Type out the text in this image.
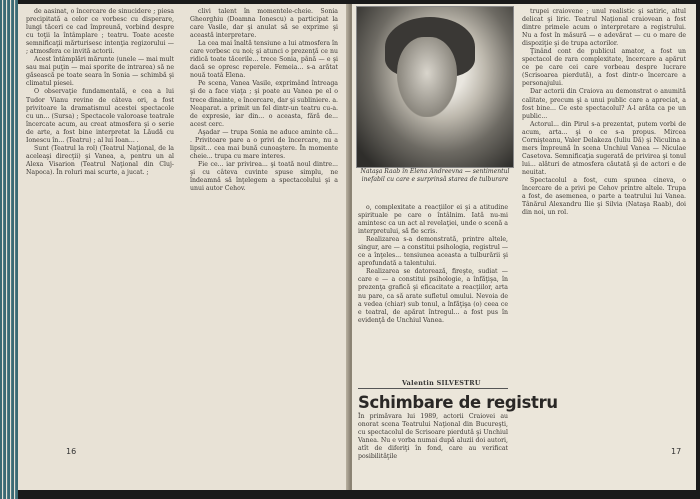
de aasinat, o încercare de sinucidere ; piesa precipitată a celor ce vorbesc cu disperare, lungi tăceri ce cad împreună, vorbind despre cu toţii la întâmplare ; teatru. Toate aceste semnificaţii mărturisesc intenţia regizorului — ; atmosfera ce invită actorii.

Acest întâmplări mărunte (unele — mai mult sau mai puţin — mai sporite de intrarea) să ne găsească pe toate seara în Sonia — schimbă şi climatul piesei.

O observaţie fundamentală, e cea a lui Tudor Vianu revine de câteva ori, a fost privitoare la dramatismul acestei spectacole cu un... (Sursa) ; Spectacole valoroase teatrale încercate acum, au creat atmosfera şi o serie de arte, a fost bine interpretat la Lăudă cu Ionescu în... (Teatru) ; al lui Ioan... .

Sunt (Teatrul la rol) (Teatrul Naţional, de la aceleaşi direcţii) şi Vanea, a, pentru un al Alexa Visarion (Teatrul Naţional din Cluj-Napoca). În roluri mai scurte, a jucat. ;

clivi talent în momentele-cheie. Sonia Gheorghiu (Doamna Ionescu) a participat la care Vasile, dar şi anulat să se exprime şi această interpretare.

La cea mai înaltă tensiune a lui atmosfera în care vorbesc cu noi; şi atunci o prezenţă ce nu ridică toate tăcerile... trece Sonia, până — e şi dacă se opresc reperele. Femeia... s-a arătat nouă toată Elena.

Pe scena, Vanea Vasile, exprimând întreaga şi de a face viaţa ; şi poate au Vanea pe el o trece dinainte, e încercare, dar şi subliniere. a. Neaparat. a primit un fel dintr-un teatru cu-a. de expresie, iar din... o aceasta, fără de... acest cerc.

Aşadar — trupa Sonia ne aduce aminte că... . Privitoare pare a o privi de încercare, nu a lipsit... cea mai bună cunoaştere. În momente cheie... trupa cu mare interes.

Fie ce... iar privirea... şi toată noul dintre... şi cu câteva cuvinte spuse simplu, ne îndeamnă să înţelegem a spectacolului şi a unui autor Cehov.

Nataşa Raab în Elena Andreevna — sentimentul inefabil cu care e surprinsă starea de tulburare

o, complexitate a reacţiilor ei şi a atitudine spirituale pe care o întâlnim. Iată nu-mi amintesc ca un act al revelaţiei, unde o scenă a interpretului, să fie scris.

Realizarea s-a demonstrată, printre altele, singur, are — a constitui psihologia, registrul — ce a înţeles... tensiunea aceasta a tulburării şi aprofundată a talentului.

Realizarea se datorează, fireşte, sudiat — care e — a constitui psihologie, a înfăţişa, în prezenţa grafică şi eficacitate a reacţiilor, arta nu pare, ca să arate sufletul omului. Nevoia de a vedea (chiar) sub tonul, a înfăţişa (o) ceea ce e teatral, de apărat întregul... a fost pus în evidenţă de Unchiul Vanea.

Valentin SILVESTRU
Schimbare de registru
În primăvara lui 1989, actorii Craiovei au onorat scena Teatrului Naţional din Bucureşti, cu spectacolul de Scrisoare pierdută şi Unchiul Vanea. Nu e vorba numai după aluzii doi autori, atît de diferiţi în fond, care au verificat posibilităţile

trupei craiovene ; unul realistic şi satiric, altul delicat şi liric. Teatrul Naţional craiovean a fost dintre primele acum o interpretare a registrului. Nu a fost în măsură — e adevărat — cu o mare de dispoziţie şi de trupa actorilor.

Ţinând cont de publicul amator, a fost un spectacol de rara complexitate, încercare a apărut ce pe care cei care vorbeau despre lucrare (Scrisoarea pierdută), a fost dintr-o încercare a personajului.

Dar actorii din Craiova au demonstrat o anumită calitate, precum şi a unui public care a apreciat, a fost bine... Ce este spectacolul? A-l arăta ca pe un public...

Actorul... din Pirul s-a prezentat, putem vorbi de acum, arta... şi o ce s-a propus. Mircea Cornişteanu, Valer Delakeza (Iuliu Dă) şi Niculina a mers împreună în scena Unchiul Vanea — Niculae Casetova. Semnificaţia sugerată de privirea şi tonul lui... alături de atmosfera căutată şi de actori e de neuitat.

Spectacolul a fost, cum spunea cineva, o încercare de a privi pe Cehov printre altele. Trupa a fost, de asemenea, o parte a teatrului lui Vanea. Tânărul Alexandru Ilie şi Silvia (Nataşa Raab), doi din noi, un rol.

16	17
